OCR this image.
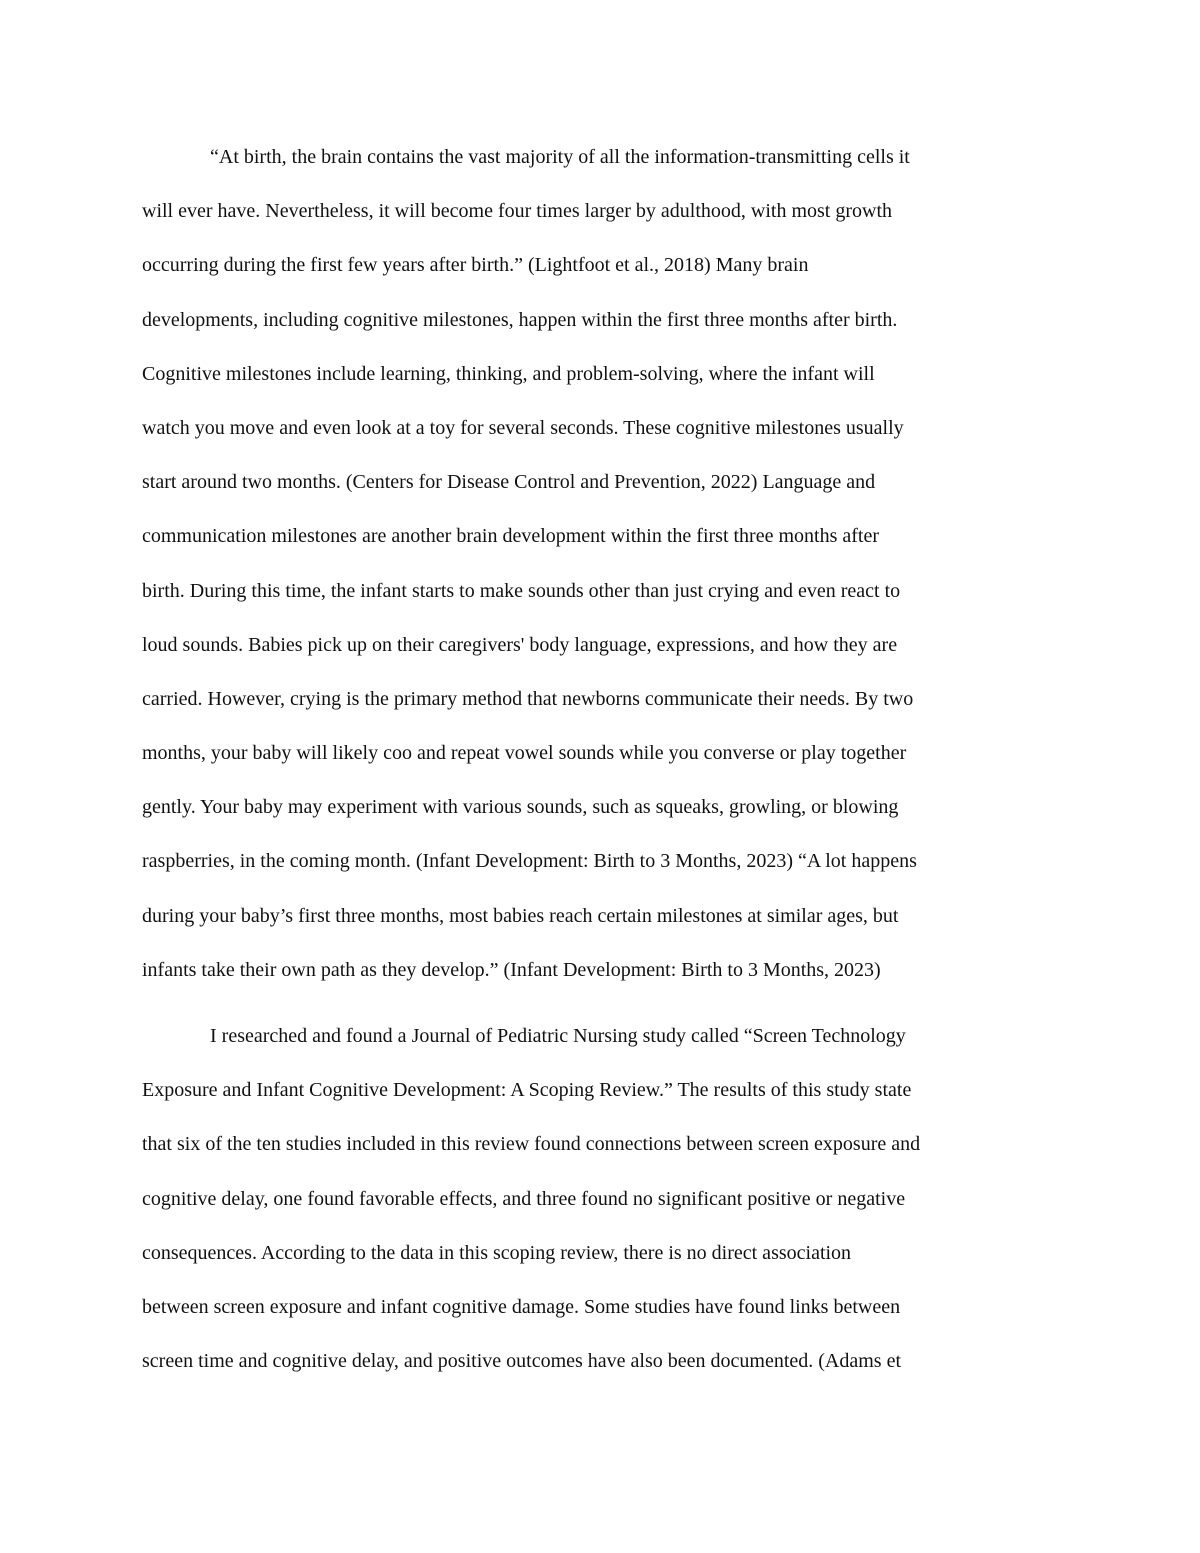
“At birth, the brain contains the vast majority of all the information-transmitting cells it
will ever have. Nevertheless, it will become four times larger by adulthood, with most growth
occurring during the first few years after birth.” (Lightfoot et al., 2018) Many brain
developments, including cognitive milestones, happen within the first three months after birth.
Cognitive milestones include learning, thinking, and problem-solving, where the infant will
watch you move and even look at a toy for several seconds. These cognitive milestones usually
start around two months. (Centers for Disease Control and Prevention, 2022) Language and
communication milestones are another brain development within the first three months after
birth. During this time, the infant starts to make sounds other than just crying and even react to
loud sounds. Babies pick up on their caregivers' body language, expressions, and how they are
carried. However, crying is the primary method that newborns communicate their needs. By two
months, your baby will likely coo and repeat vowel sounds while you converse or play together
gently. Your baby may experiment with various sounds, such as squeaks, growling, or blowing
raspberries, in the coming month. (Infant Development: Birth to 3 Months, 2023) “A lot happens
during your baby’s first three months, most babies reach certain milestones at similar ages, but
infants take their own path as they develop.” (Infant Development: Birth to 3 Months, 2023)
I researched and found a Journal of Pediatric Nursing study called “Screen Technology
Exposure and Infant Cognitive Development: A Scoping Review.” The results of this study state
that six of the ten studies included in this review found connections between screen exposure and
cognitive delay, one found favorable effects, and three found no significant positive or negative
consequences. According to the data in this scoping review, there is no direct association
between screen exposure and infant cognitive damage. Some studies have found links between
screen time and cognitive delay, and positive outcomes have also been documented. (Adams et
